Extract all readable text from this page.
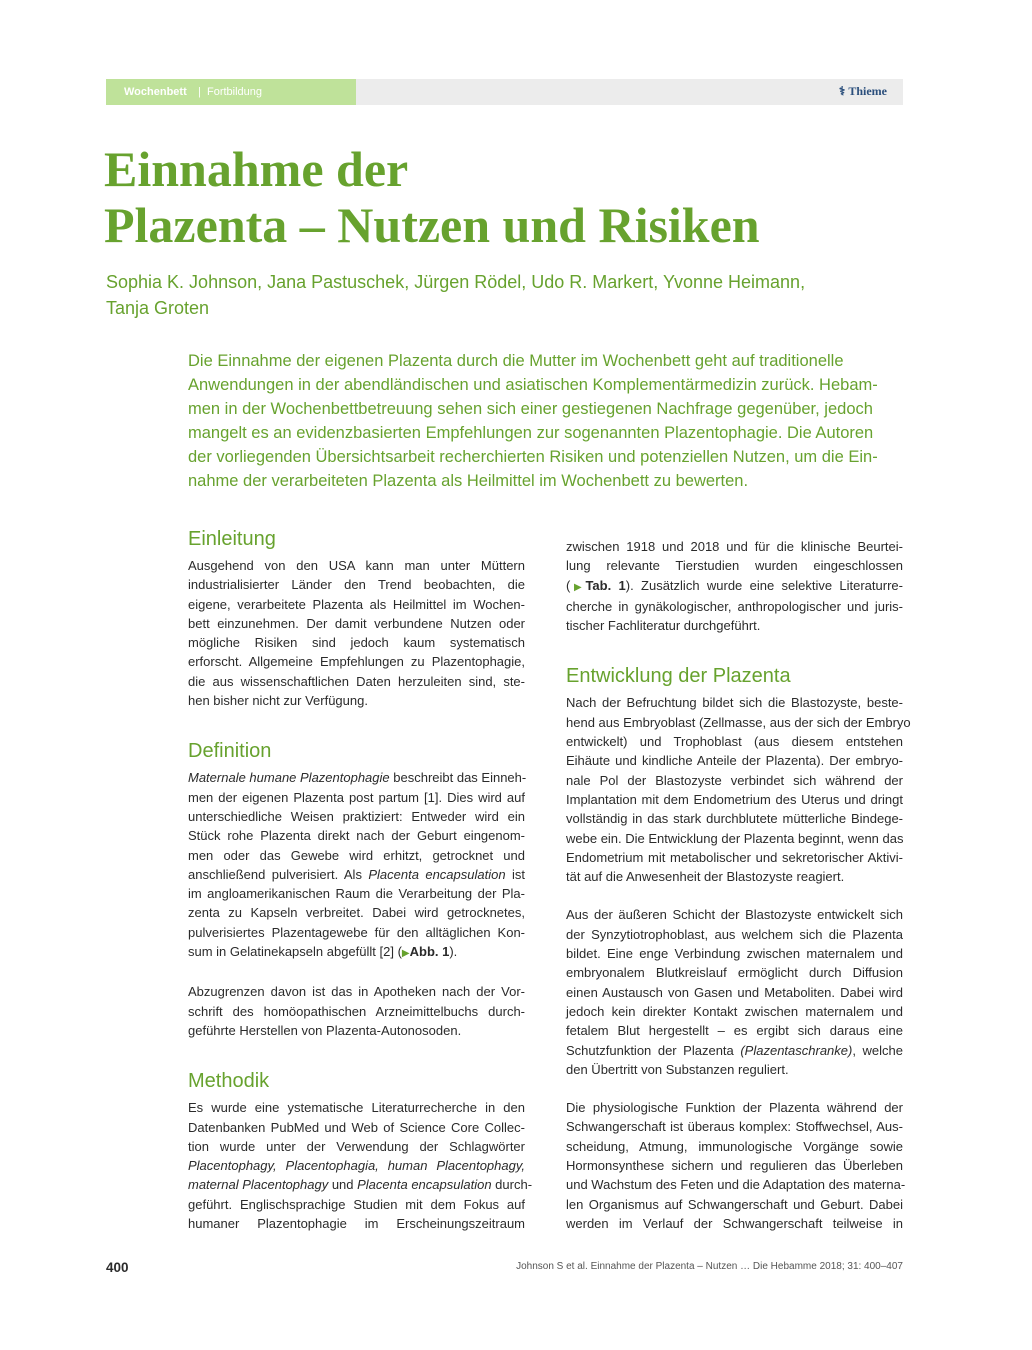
Wochenbett | Fortbildung	⚕ Thieme
Einnahme der
Plazenta – Nutzen und Risiken
Sophia K. Johnson, Jana Pastuschek, Jürgen Rödel, Udo R. Markert, Yvonne Heimann,
Tanja Groten
Die Einnahme der eigenen Plazenta durch die Mutter im Wochenbett geht auf traditionelle
Anwendungen in der abendländischen und asiatischen Komplementärmedizin zurück. Hebam-
men in der Wochenbettbetreuung sehen sich einer gestiegenen Nachfrage gegenüber, jedoch
mangelt es an evidenzbasierten Empfehlungen zur sogenannten Plazentophagie. Die Autoren
der vorliegenden Übersichtsarbeit recherchierten Risiken und potenziellen Nutzen, um die Ein-
nahme der verarbeiteten Plazenta als Heilmittel im Wochenbett zu bewerten.
Einleitung
Ausgehend von den USA kann man unter Müttern
industrialisierter Länder den Trend beobachten, die
eigene, verarbeitete Plazenta als Heilmittel im Wochen-
bett einzunehmen. Der damit verbundene Nutzen oder
mögliche Risiken sind jedoch kaum systematisch
erforscht. Allgemeine Empfehlungen zu Plazentophagie,
die aus wissenschaftlichen Daten herzuleiten sind, ste-
hen bisher nicht zur Verfügung.
Definition
Maternale humane Plazentophagie beschreibt das Einneh-
men der eigenen Plazenta post partum [1]. Dies wird auf
unterschiedliche Weisen praktiziert: Entweder wird ein
Stück rohe Plazenta direkt nach der Geburt eingenom-
men oder das Gewebe wird erhitzt, getrocknet und
anschließend pulverisiert. Als Placenta encapsulation ist
im angloamerikanischen Raum die Verarbeitung der Pla-
zenta zu Kapseln verbreitet. Dabei wird getrocknetes,
pulverisiertes Plazentagewebe für den alltäglichen Kon-
sum in Gelatinekapseln abgefüllt [2] (▶Abb. 1).
Abzugrenzen davon ist das in Apotheken nach der Vor-
schrift des homöopathischen Arzneimittelbuchs durch-
geführte Herstellen von Plazenta-Autonosoden.
Methodik
Es wurde eine ystematische Literaturrecherche in den
Datenbanken PubMed und Web of Science Core Collec-
tion wurde unter der Verwendung der Schlagwörter
Placentophagy, Placentophagia, human Placentophagy,
maternal Placentophagy und Placenta encapsulation durch-
geführt. Englischsprachige Studien mit dem Fokus auf
humaner Plazentophagie im Erscheinungszeitraum
zwischen 1918 und 2018 und für die klinische Beurtei-
lung relevante Tierstudien wurden eingeschlossen
(▶Tab. 1). Zusätzlich wurde eine selektive Literaturre-
cherche in gynäkologischer, anthropologischer und juris-
tischer Fachliteratur durchgeführt.
Entwicklung der Plazenta
Nach der Befruchtung bildet sich die Blastozyste, beste-
hend aus Embryoblast (Zellmasse, aus der sich der Embryo
entwickelt) und Trophoblast (aus diesem entstehen
Eihäute und kindliche Anteile der Plazenta). Der embryo-
nale Pol der Blastozyste verbindet sich während der
Implantation mit dem Endometrium des Uterus und dringt
vollständig in das stark durchblutete mütterliche Bindege-
webe ein. Die Entwicklung der Plazenta beginnt, wenn das
Endometrium mit metabolischer und sekretorischer Aktivi-
tät auf die Anwesenheit der Blastozyste reagiert.
Aus der äußeren Schicht der Blastozyste entwickelt sich
der Synzytiotrophoblast, aus welchem sich die Plazenta
bildet. Eine enge Verbindung zwischen maternalem und
embryonalem Blutkreislauf ermöglicht durch Diffusion
einen Austausch von Gasen und Metaboliten. Dabei wird
jedoch kein direkter Kontakt zwischen maternalem und
fetalem Blut hergestellt – es ergibt sich daraus eine
Schutzfunktion der Plazenta (Plazentaschranke), welche
den Übertritt von Substanzen reguliert.
Die physiologische Funktion der Plazenta während der
Schwangerschaft ist überaus komplex: Stoffwechsel, Aus-
scheidung, Atmung, immunologische Vorgänge sowie
Hormonsynthese sichern und regulieren das Überleben
und Wachstum des Feten und die Adaptation des materna-
len Organismus auf Schwangerschaft und Geburt. Dabei
werden im Verlauf der Schwangerschaft teilweise in
400	Johnson S et al. Einnahme der Plazenta – Nutzen … Die Hebamme 2018; 31: 400–407
